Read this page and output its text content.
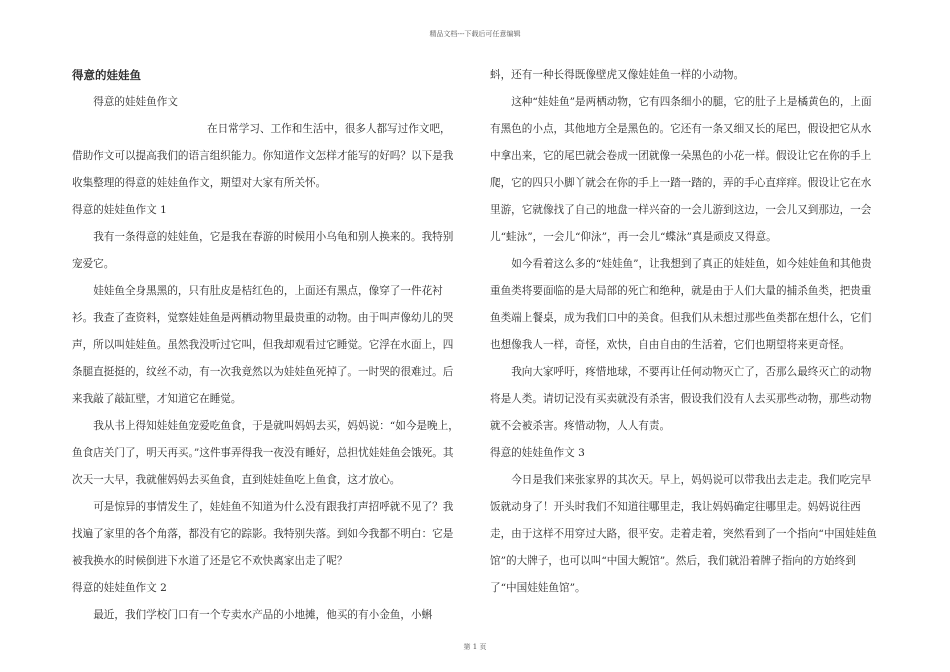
精品文档---下载后可任意编辑

得意的娃娃鱼

得意的娃娃鱼作文

在日常学习、工作和生活中，很多人都写过作文吧，

借助作文可以提高我们的语言组织能力。你知道作文怎样才能写的好吗？以下是我收集整理的得意的娃娃鱼作文，期望对大家有所关怀。

得意的娃娃鱼作文 1

我有一条得意的娃娃鱼，它是我在春游的时候用小乌龟和别人换来的。我特别宠爱它。

娃娃鱼全身黑黑的，只有肚皮是桔红色的，上面还有黑点，像穿了一件花衬衫。我查了查资料，觉察娃娃鱼是两栖动物里最贵重的动物。由于叫声像幼儿的哭声，所以叫娃娃鱼。虽然我没听过它叫，但我却观看过它睡觉。它浮在水面上，四条腿直挺挺的，纹丝不动，有一次我竟然以为娃娃鱼死掉了。一时哭的很难过。后来我敲了敲缸壁，才知道它在睡觉。

我从书上得知娃娃鱼宠爱吃鱼食，于是就叫妈妈去买，妈妈说：“如今是晚上，鱼食店关门了，明天再买。”这件事弄得我一夜没有睡好，总担忧娃娃鱼会饿死。其次天一大早，我就催妈妈去买鱼食，直到娃娃鱼吃上鱼食，这才放心。

可是惊异的事情发生了，娃娃鱼不知道为什么没有跟我打声招呼就不见了？我找遍了家里的各个角落，都没有它的踪影。我特别失落。到如今我都不明白：它是被我换水的时候倒进下水道了还是它不欢快离家出走了呢？

得意的娃娃鱼作文 2

最近，我们学校门口有一个专卖水产品的小地摊，他买的有小金鱼，小蝌

蚪，还有一种长得既像壁虎又像娃娃鱼一样的小动物。

这种“娃娃鱼”是两栖动物，它有四条细小的腿，它的肚子上是橘黄色的，上面有黑色的小点，其他地方全是黑色的。它还有一条又细又长的尾巴，假设把它从水中拿出来，它的尾巴就会卷成一团就像一朵黑色的小花一样。假设让它在你的手上爬，它的四只小脚丫就会在你的手上一踏一踏的，弄的手心直痒痒。假设让它在水里游，它就像找了自己的地盘一样兴奋的一会儿游到这边，一会儿又到那边，一会儿“蛙泳”，一会儿“仰泳”，再一会儿“蝶泳”真是顽皮又得意。

如今看着这么多的“娃娃鱼”，让我想到了真正的娃娃鱼，如今娃娃鱼和其他贵重鱼类将要面临的是大局部的死亡和绝种，就是由于人们大量的捕杀鱼类，把贵重鱼类端上餐桌，成为我们口中的美食。但我们从未想过那些鱼类都在想什么，它们也想像我人一样，奇怪，欢快，自由自由的生活着，它们也期望将来更奇怪。

我向大家呼吁，疼惜地球，不要再让任何动物灭亡了，否那么最终灭亡的动物将是人类。请切记没有买卖就没有杀害，假设我们没有人去买那些动物，那些动物就不会被杀害。疼惜动物，人人有责。

得意的娃娃鱼作文 3

今日是我们来张家界的其次天。早上，妈妈说可以带我出去走走。我们吃完早饭就动身了！开头时我们不知道往哪里走，我让妈妈确定往哪里走。妈妈说往西走，由于这样不用穿过大路，很平安。走着走着，突然看到了一个指向“中国娃娃鱼馆”的大牌子，也可以叫“中国大鲵馆”。然后，我们就沿着牌子指向的方始终到了“中国娃娃鱼馆”。

第 1 页
